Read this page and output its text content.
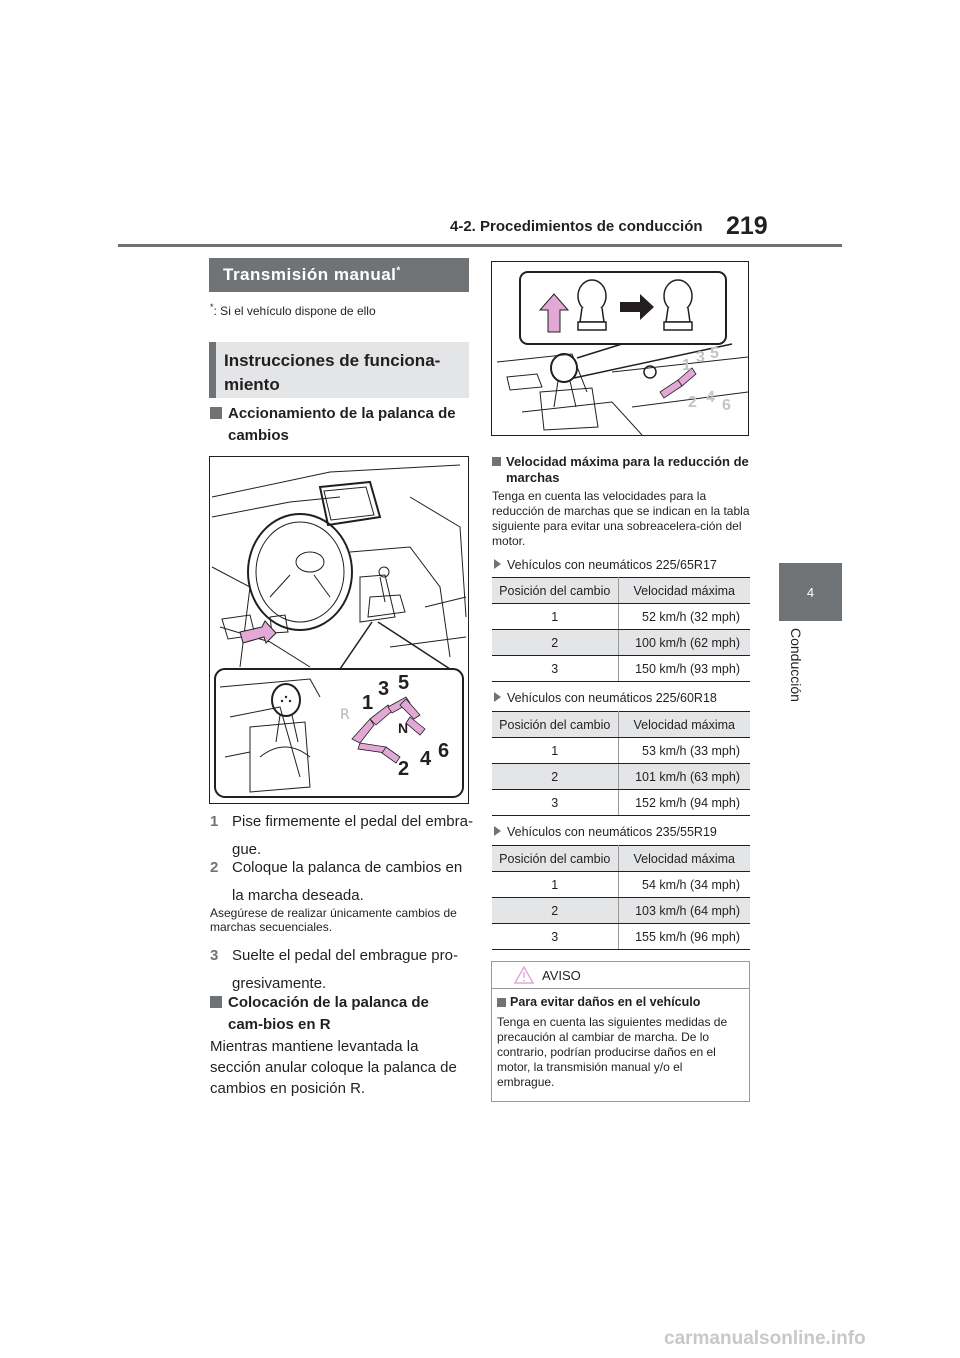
4-2. Procedimientos de conducción 219
4
Conducción
Transmisión manual*
*: Si el vehículo dispone de ello
Instrucciones de funciona-miento
Accionamiento de la palanca de cambios
R
1
3 5
N
2 4 6
1 Pise firmemente el pedal del embra-
gue.
2 Coloque la palanca de cambios en
la marcha deseada.
Asegúrese de realizar únicamente cambios de marchas secuenciales.
3 Suelte el pedal del embrague pro-
gresivamente.
Colocación de la palanca de cam-bios en R
Mientras mantiene levantada la sección anular coloque la palanca de cambios en posición R.
1 3 5
2 4 6
Velocidad máxima para la reducción de marchas
Tenga en cuenta las velocidades para la reducción de marchas que se indican en la tabla siguiente para evitar una sobreacelera-ción del motor.
Vehículos con neumáticos 225/65R17
Posición del cambio	Velocidad máxima
1	52 km/h (32 mph)
2	100 km/h (62 mph)
3	150 km/h (93 mph)
Vehículos con neumáticos 225/60R18
Posición del cambio	Velocidad máxima
1	53 km/h (33 mph)
2	101 km/h (63 mph)
3	152 km/h (94 mph)
Vehículos con neumáticos 235/55R19
Posición del cambio	Velocidad máxima
1	54 km/h (34 mph)
2	103 km/h (64 mph)
3	155 km/h (96 mph)
AVISO
Para evitar daños en el vehículo
Tenga en cuenta las siguientes medidas de precaución al cambiar de marcha. De lo contrario, podrían producirse daños en el motor, la transmisión manual y/o el embrague.
carmanualsonline.info
